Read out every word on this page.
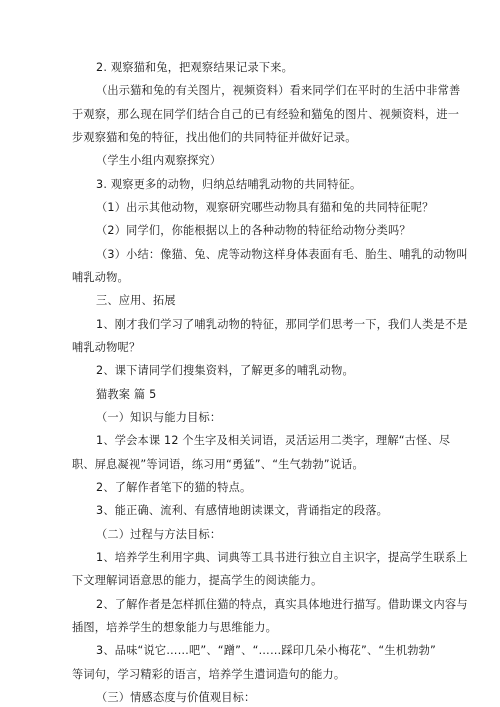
2. 观察猫和兔，把观察结果记录下来。
（出示猫和兔的有关图片，视频资料）看来同学们在平时的生活中非常善
于观察，那么现在同学们结合自己的已有经验和猫兔的图片、视频资料，进一
步观察猫和兔的特征，找出他们的共同特征并做好记录。
（学生小组内观察探究）
3. 观察更多的动物，归纳总结哺乳动物的共同特征。
（1）出示其他动物，观察研究哪些动物具有猫和兔的共同特征呢？
（2）同学们，你能根据以上的各种动物的特征给动物分类吗？
（3）小结：像猫、兔、虎等动物这样身体表面有毛、胎生、哺乳的动物叫
哺乳动物。
三、应用、拓展
1、刚才我们学习了哺乳动物的特征，那同学们思考一下，我们人类是不是
哺乳动物呢？
2、课下请同学们搜集资料，了解更多的哺乳动物。
猫教案 篇 5
（一）知识与能力目标：
1、学会本课 12 个生字及相关词语，灵活运用二类字，理解“古怪、尽
职、屏息凝视”等词语，练习用“勇猛”、“生气勃勃”说话。
2、了解作者笔下的猫的特点。
3、能正确、流利、有感情地朗读课文，背诵指定的段落。
（二）过程与方法目标：
1、培养学生利用字典、词典等工具书进行独立自主识字，提高学生联系上
下文理解词语意思的能力，提高学生的阅读能力。
2、了解作者是怎样抓住猫的特点，真实具体地进行描写。借助课文内容与
插图，培养学生的想象能力与思维能力。
3、品味“说它……吧”、“蹭”、“……踩印几朵小梅花”、“生机勃勃”
等词句，学习精彩的语言，培养学生遣词造句的能力。
（三）情感态度与价值观目标：
